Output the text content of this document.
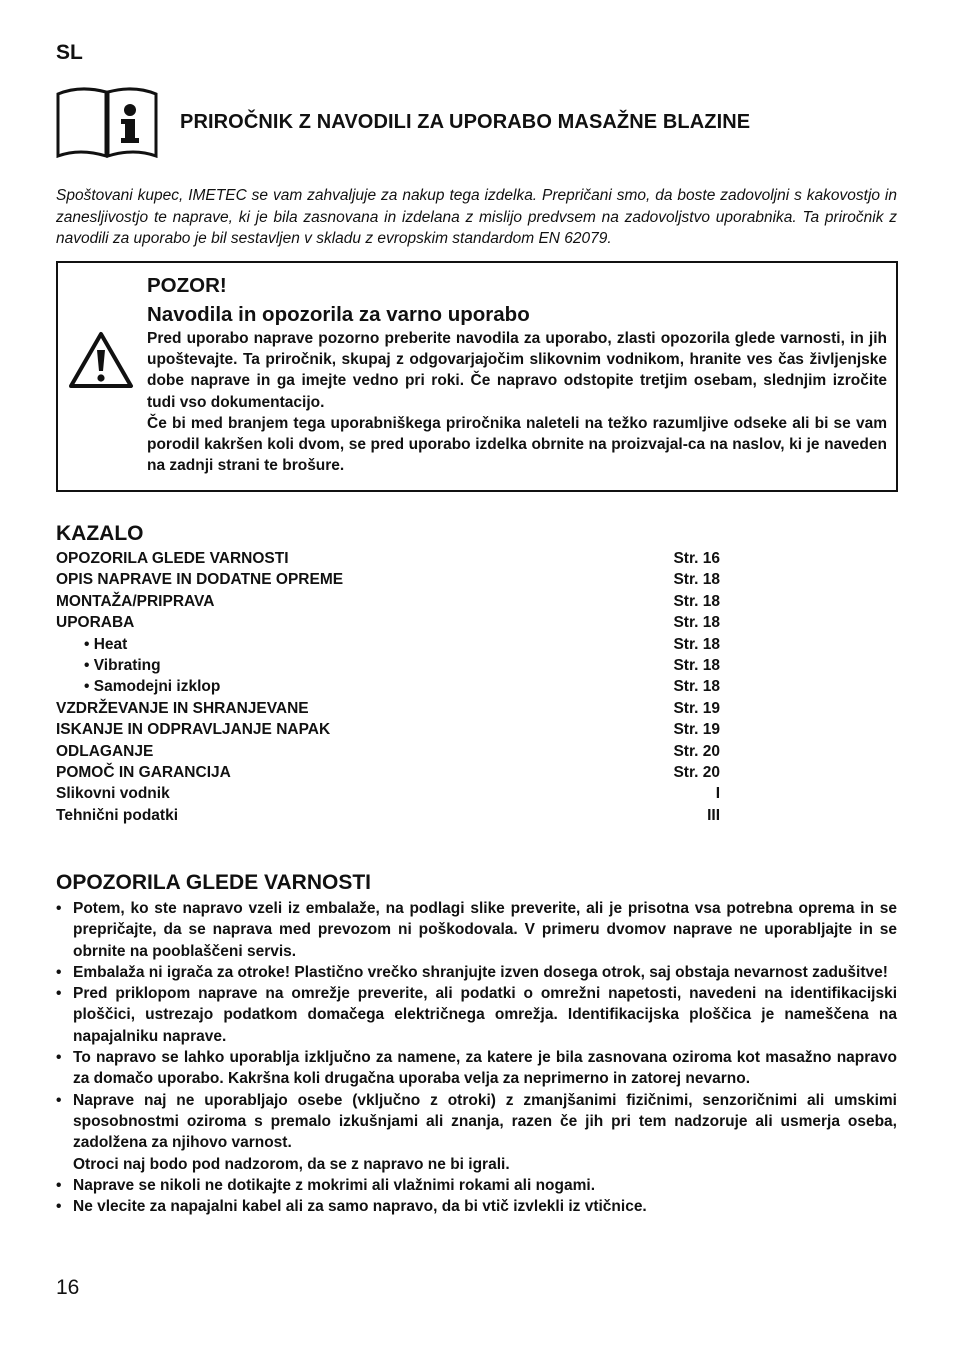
SL
PRIROČNIK Z NAVODILI ZA UPORABO MASAŽNE BLAZINE
Spoštovani kupec, IMETEC se vam zahvaljuje za nakup tega izdelka. Prepričani smo, da boste zadovoljni s kakovostjo in zanesljivostjo te naprave, ki je bila zasnovana in izdelana z mislijo predvsem na zadovoljstvo uporabnika. Ta priročnik z navodili za uporabo je bil sestavljen v skladu z evropskim standardom EN 62079.
POZOR!
Navodila in opozorila za varno uporabo

Pred uporabo naprave pozorno preberite navodila za uporabo, zlasti opozorila glede varnosti, in jih upoštevajte. Ta priročnik, skupaj z odgovarjajočim slikovnim vodnikom, hranite ves čas življenjske dobe naprave in ga imejte vedno pri roki. Če napravo odstopite tretjim osebam, slednjim izročite tudi vso dokumentacijo.

Če bi med branjem tega uporabniškega priročnika naleteli na težko razumljive odseke ali bi se vam porodil kakršen koli dvom, se pred uporabo izdelka obrnite na proizvajal-ca na naslov, ki je naveden na zadnji strani te brošure.

KAZALO
OPOZORILA GLEDE VARNOSTI	Str. 16
OPIS NAPRAVE IN DODATNE OPREME	Str. 18
MONTAŽA/PRIPRAVA	Str. 18
UPORABA	Str. 18
• Heat	Str. 18
• Vibrating	Str. 18
• Samodejni izklop	Str. 18
VZDRŽEVANJE IN SHRANJEVANE	Str. 19
ISKANJE IN ODPRAVLJANJE NAPAK	Str. 19
ODLAGANJE	Str. 20
POMOČ IN GARANCIJA	Str. 20
Slikovni vodnik	I
Tehnični podatki	III
OPOZORILA GLEDE VARNOSTI
• Potem, ko ste napravo vzeli iz embalaže, na podlagi slike preverite, ali je prisotna vsa potrebna oprema in se prepričajte, da se naprava med prevozom ni poškodovala. V primeru dvomov naprave ne uporabljajte in se obrnite na pooblaščeni servis.
• Embalaža ni igrača za otroke! Plastično vrečko shranjujte izven dosega otrok, saj obstaja nevarnost zadušitve!
• Pred priklopom naprave na omrežje preverite, ali podatki o omrežni napetosti, navedeni na identifikacijski ploščici, ustrezajo podatkom domačega električnega omrežja. Identifikacijska ploščica je nameščena na napajalniku naprave.
• To napravo se lahko uporablja izključno za namene, za katere je bila zasnovana oziroma kot masažno napravo za domačo uporabo. Kakršna koli drugačna uporaba velja za neprimerno in zatorej nevarno.
• Naprave naj ne uporabljajo osebe (vključno z otroki) z zmanjšanimi fizičnimi, senzoričnimi ali umskimi sposobnostmi oziroma s premalo izkušnjami ali znanja, razen če jih pri tem nadzoruje ali usmerja oseba, zadolžena za njihovo varnost.
Otroci naj bodo pod nadzorom, da se z napravo ne bi igrali.
• Naprave se nikoli ne dotikajte z mokrimi ali vlažnimi rokami ali nogami.
• Ne vlecite za napajalni kabel ali za samo napravo, da bi vtič izvlekli iz vtičnice.
16
